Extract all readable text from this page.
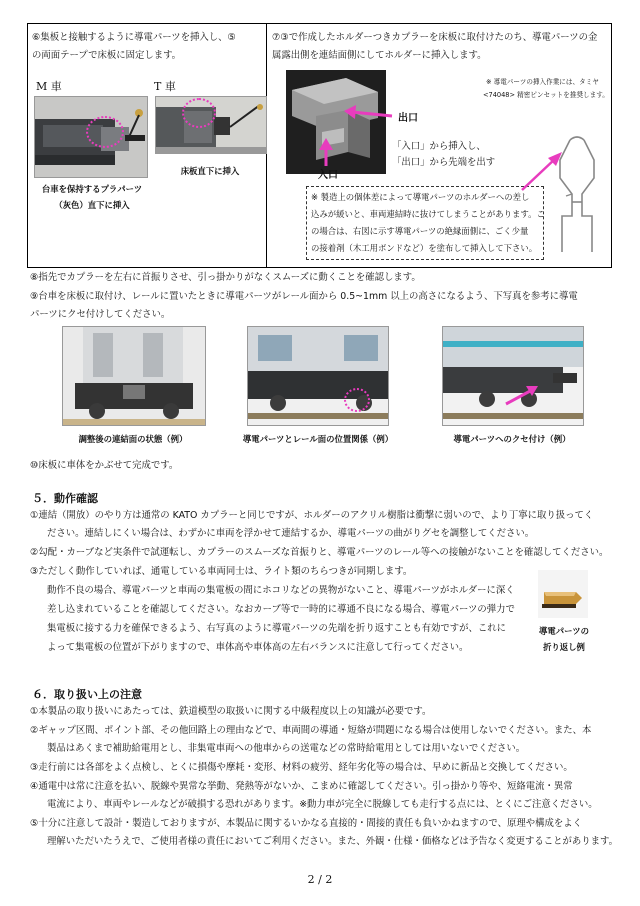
⑥集板と接触するように導電パーツを挿入し、⑤
の両面テープで床板に固定します。
⑦③で作成したホルダーつきカプラーを床板に取付けたのち、導電パーツの金
属露出側を連結面側にしてホルダーに挿入します。
M 車	T 車
台車を保持するプラパーツ
（灰色）直下に挿入
床板直下に挿入
出口
入口
※ 導電パーツの挿入作業には、タミヤ
<74048> 精密ピンセットを推奨します。
「入口」から挿入し、
「出口」から先端を出す
※ 製造上の個体差によって導電パーツのホルダーへの差し
込みが緩いと、車両連結時に抜けてしまうことがあります。こ
の場合は、右図に示す導電パーツの絶縁面側に、ごく少量
の接着剤（木工用ボンドなど）を塗布して挿入して下さい。
⑧指先でカプラーを左右に首振りさせ、引っ掛かりがなくスムーズに動くことを確認します。
⑨台車を床板に取付け、レールに置いたときに導電パーツがレール面から 0.5~1mm 以上の高さになるよう、下写真を参考に導電
パーツにクセ付けしてください。
調整後の連結面の状態（例）	導電パーツとレール面の位置関係（例）	導電パーツへのクセ付け（例）
⑩床板に車体をかぶせて完成です。
５．動作確認
①連結（開放）のやり方は通常の KATO カプラーと同じですが、ホルダーのアクリル樹脂は衝撃に弱いので、より丁寧に取り扱ってく
ださい。連結しにくい場合は、わずかに車両を浮かせて連結するか、導電パーツの曲がりグセを調整してください。
②勾配・カーブなど実条件で試運転し、カプラーのスムーズな首振りと、導電パーツのレール等への接触がないことを確認してください。
③ただしく動作していれば、通電している車両同士は、ライト類のちらつきが同期します。
動作不良の場合、導電パーツと車両の集電板の間にホコリなどの異物がないこと、導電パーツがホルダーに深く
差し込まれていることを確認してください。なおカーブ等で一時的に導通不良になる場合、導電パーツの弾力で
集電板に接する力を確保できるよう、右写真のように導電パーツの先端を折り返すことも有効ですが、これに
よって集電板の位置が下がりますので、車体高や車体高の左右バランスに注意して行ってください。
導電パーツの
折り返し例
６．取り扱い上の注意
①本製品の取り扱いにあたっては、鉄道模型の取扱いに関する中級程度以上の知識が必要です。
②ギャップ区間、ポイント部、その他回路上の理由などで、車両間の導通・短絡が問題になる場合は使用しないでください。また、本
製品はあくまで補助給電用とし、非集電車両への他車からの送電などの常時給電用としては用いないでください。
③走行前には各部をよく点検し、とくに損傷や摩耗・変形、材料の疲労、経年劣化等の場合は、早めに新品と交換してください。
④通電中は常に注意を払い、脱線や異常な挙動、発熱等がないか、こまめに確認してください。引っ掛かり等や、短絡電流・異常
電流により、車両やレールなどが破損する恐れがあります。※動力車が完全に脱線しても走行する点には、とくにご注意ください。
⑤十分に注意して設計・製造しておりますが、本製品に関するいかなる直接的・間接的責任も負いかねますので、原理や構成をよく
理解いただいたうえで、ご使用者様の責任においてご利用ください。また、外観・仕様・価格などは予告なく変更することがあります。
2 / 2
